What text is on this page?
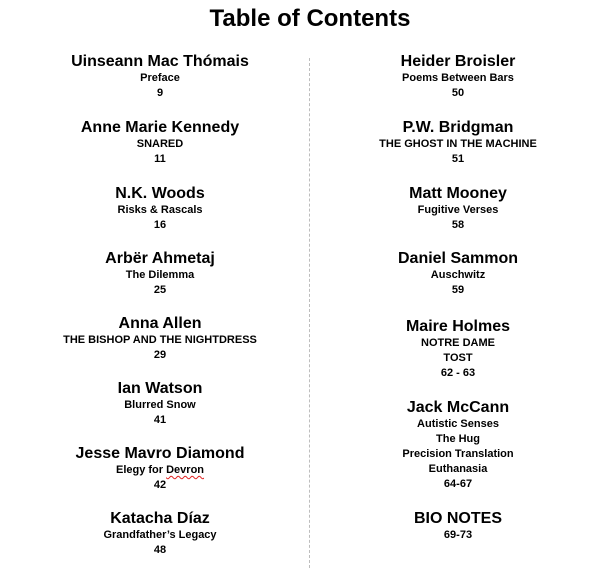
Table of Contents
Uinseann Mac Thómais
Preface
9
Anne Marie Kennedy
SNARED
11
N.K. Woods
Risks & Rascals
16
Arbër Ahmetaj
The Dilemma
25
Anna Allen
THE BISHOP AND THE NIGHTDRESS
29
Ian Watson
Blurred Snow
41
Jesse Mavro Diamond
Elegy for Devron
42
Katacha Díaz
Grandfather’s Legacy
48
Heider Broisler
Poems Between Bars
50
P.W. Bridgman
THE GHOST IN THE MACHINE
51
Matt Mooney
Fugitive Verses
58
Daniel Sammon
Auschwitz
59
Maire Holmes
NOTRE DAME
TOST
62 - 63
Jack McCann
Autistic Senses
The Hug
Precision Translation
Euthanasia
64-67
BIO NOTES
69-73
